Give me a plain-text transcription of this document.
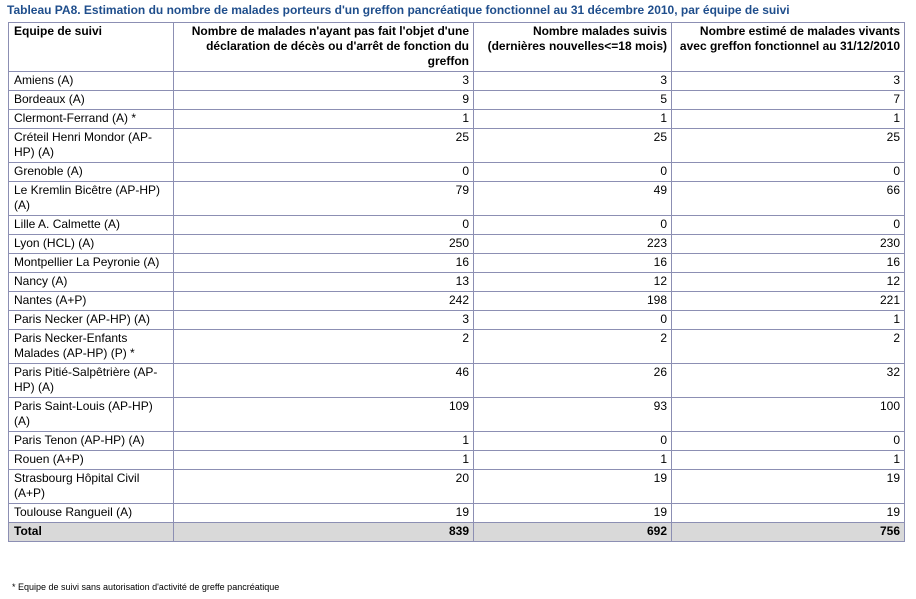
Tableau PA8. Estimation du nombre de malades porteurs d'un greffon pancréatique fonctionnel au 31 décembre 2010, par équipe de suivi
Equipe de suivi	Nombre de malades n'ayant pas fait l'objet d'une déclaration de décès ou d'arrêt de fonction du greffon	Nombre malades suivis (dernières nouvelles<=18 mois)	Nombre estimé de malades vivants avec greffon fonctionnel au 31/12/2010
Amiens (A)	3	3	3
Bordeaux (A)	9	5	7
Clermont-Ferrand (A) *	1	1	1
Créteil Henri Mondor (AP-HP) (A)	25	25	25
Grenoble (A)	0	0	0
Le Kremlin Bicêtre (AP-HP) (A)	79	49	66
Lille A. Calmette (A)	0	0	0
Lyon (HCL) (A)	250	223	230
Montpellier La Peyronie (A)	16	16	16
Nancy (A)	13	12	12
Nantes (A+P)	242	198	221
Paris Necker (AP-HP) (A)	3	0	1
Paris Necker-Enfants Malades (AP-HP) (P) *	2	2	2
Paris Pitié-Salpêtrière (AP-HP) (A)	46	26	32
Paris Saint-Louis (AP-HP) (A)	109	93	100
Paris Tenon (AP-HP) (A)	1	0	0
Rouen (A+P)	1	1	1
Strasbourg Hôpital Civil (A+P)	20	19	19
Toulouse Rangueil (A)	19	19	19
Total	839	692	756
* Equipe de suivi sans autorisation d'activité de greffe pancréatique
